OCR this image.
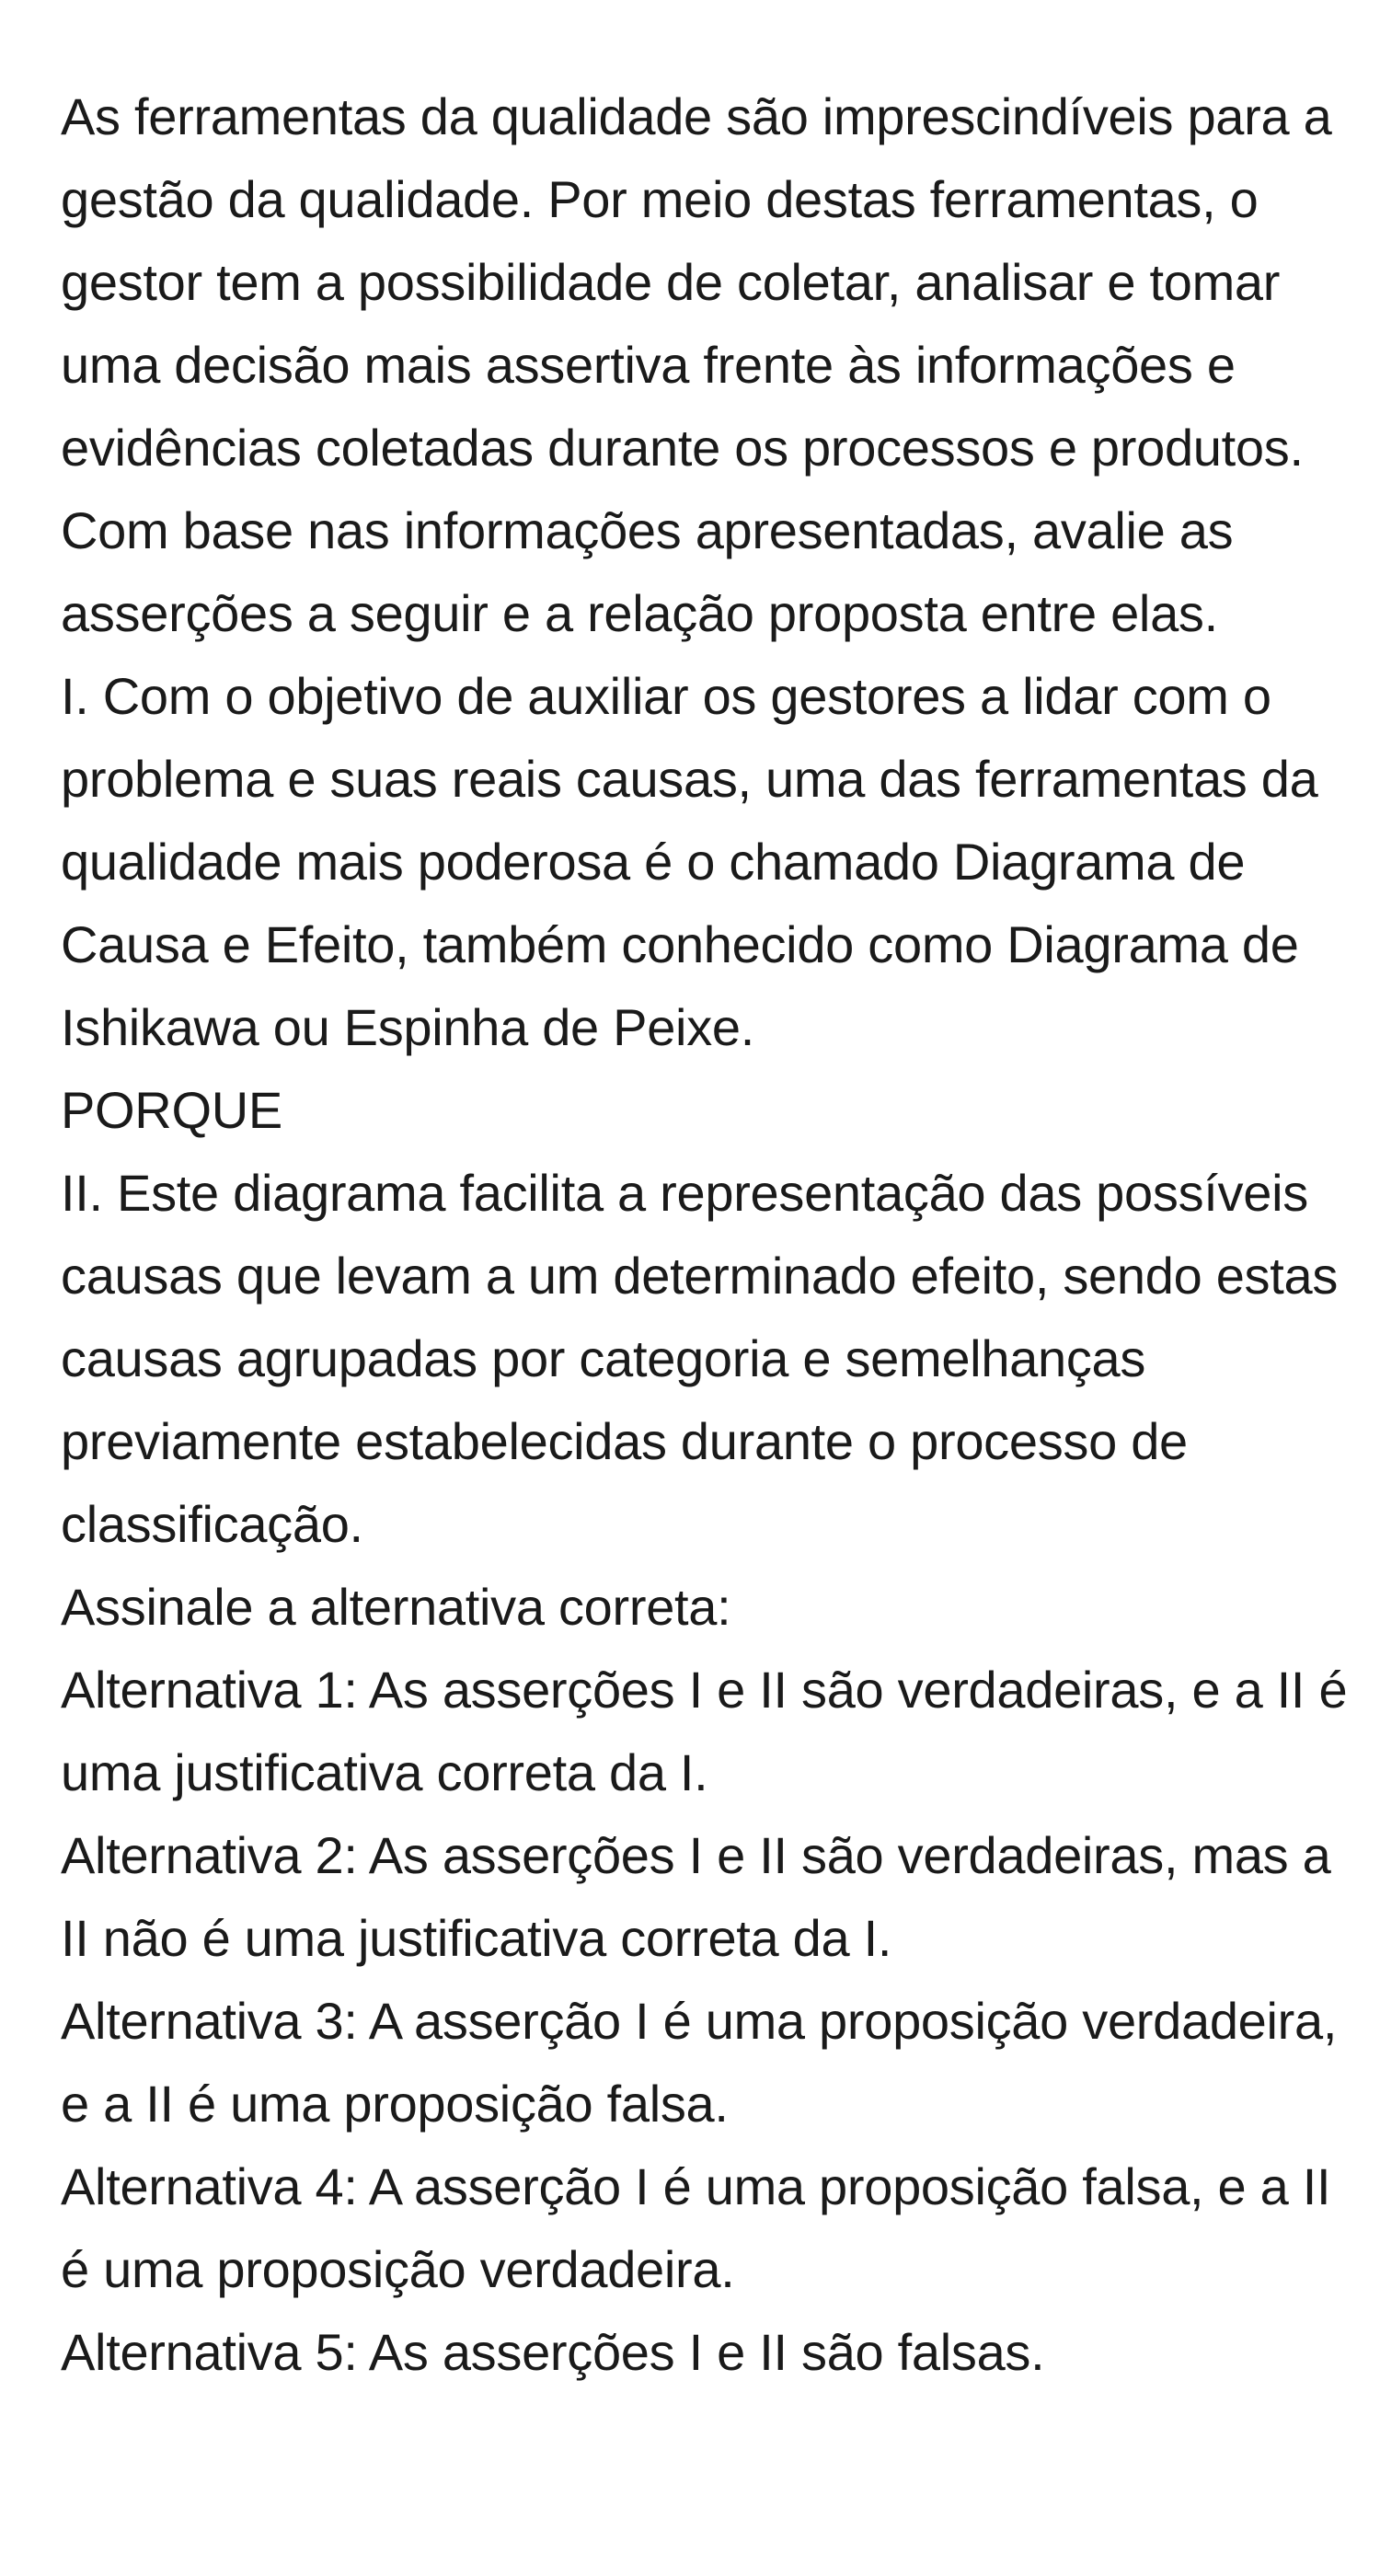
As ferramentas da qualidade são imprescindíveis para a gestão da qualidade. Por meio destas ferramentas, o gestor tem a possibilidade de coletar, analisar e tomar uma decisão mais assertiva frente às informações e evidências coletadas durante os processos e produtos. Com base nas informações apresentadas, avalie as asserções a seguir e a relação proposta entre elas.

I. Com o objetivo de auxiliar os gestores a lidar com o problema e suas reais causas, uma das ferramentas da qualidade mais poderosa é o chamado Diagrama de Causa e Efeito, também conhecido como Diagrama de Ishikawa ou Espinha de Peixe.

PORQUE

II. Este diagrama facilita a representação das possíveis causas que levam a um determinado efeito, sendo estas causas agrupadas por categoria e semelhanças previamente estabelecidas durante o processo de classificação.

Assinale a alternativa correta:

Alternativa 1: As asserções I e II são verdadeiras, e a II é uma justificativa correta da I.

Alternativa 2: As asserções I e II são verdadeiras, mas a II não é uma justificativa correta da I.

Alternativa 3: A asserção I é uma proposição verdadeira, e a II é uma proposição falsa.

Alternativa 4: A asserção I é uma proposição falsa, e a II é uma proposição verdadeira.

Alternativa 5: As asserções I e II são falsas.
